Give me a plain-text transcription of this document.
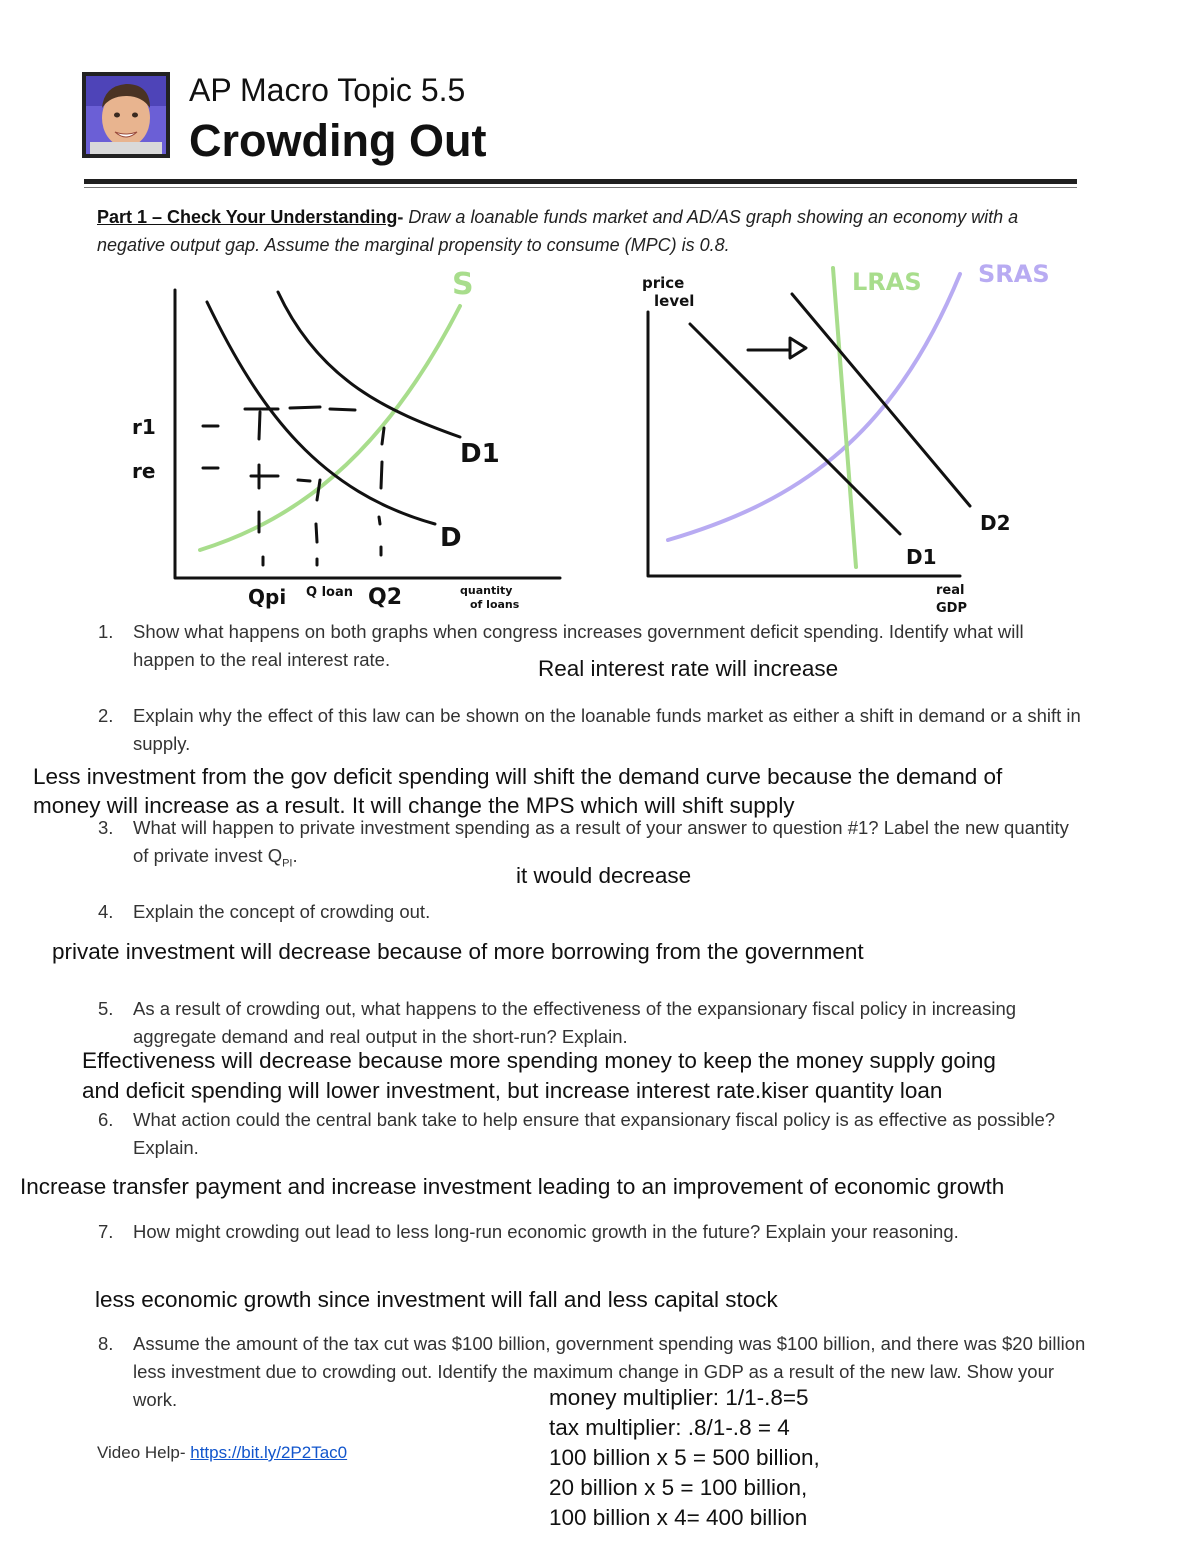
AP Macro Topic 5.5
Crowding Out
Part 1 – Check Your Understanding- Draw a loanable funds market and AD/AS graph showing an economy with a negative output gap. Assume the marginal propensity to consume (MPC) is 0.8.
S
D1
D
r1
re
Qpi Q loan Q2	quantity
of loans
price
level
LRAS SRAS
D1
D2
real
GDP
1. Show what happens on both graphs when congress increases government deficit spending. Identify what will happen to the real interest rate.	Real interest rate will increase
2. Explain why the effect of this law can be shown on the loanable funds market as either a shift in demand or a shift in supply.
Less investment from the gov deficit spending will shift the demand curve because the demand of
money will increase as a result. It will change the MPS which will shift supply
3. What will happen to private investment spending as a result of your answer to question #1? Label the new quantity of private invest $Q_{PI}$.
it would decrease
4. Explain the concept of crowding out.
private investment will decrease because of more borrowing from the government
5. As a result of crowding out, what happens to the effectiveness of the expansionary fiscal policy in increasing aggregate demand and real output in the short-run? Explain.
Effectiveness will decrease because more spending money to keep the money supply going
and deficit spending will lower investment, but increase interest rate.kiser quantity loan
6. What action could the central bank take to help ensure that expansionary fiscal policy is as effective as possible? Explain.
Increase transfer payment and increase investment leading to an improvement of economic growth
7. How might crowding out lead to less long-run economic growth in the future? Explain your reasoning.
less economic growth since investment will fall and less capital stock
8. Assume the amount of the tax cut was $100 billion, government spending was $100 billion, and there was $20 billion less investment due to crowding out. Identify the maximum change in GDP as a result of the new law. Show your work.	money multiplier: 1/1-.8=5
tax multiplier: .8/1-.8 = 4
100 billion x 5 = 500 billion,
20 billion x 5 = 100 billion,
100 billion x 4= 400 billion
Video Help- https://bit.ly/2P2Tac0
